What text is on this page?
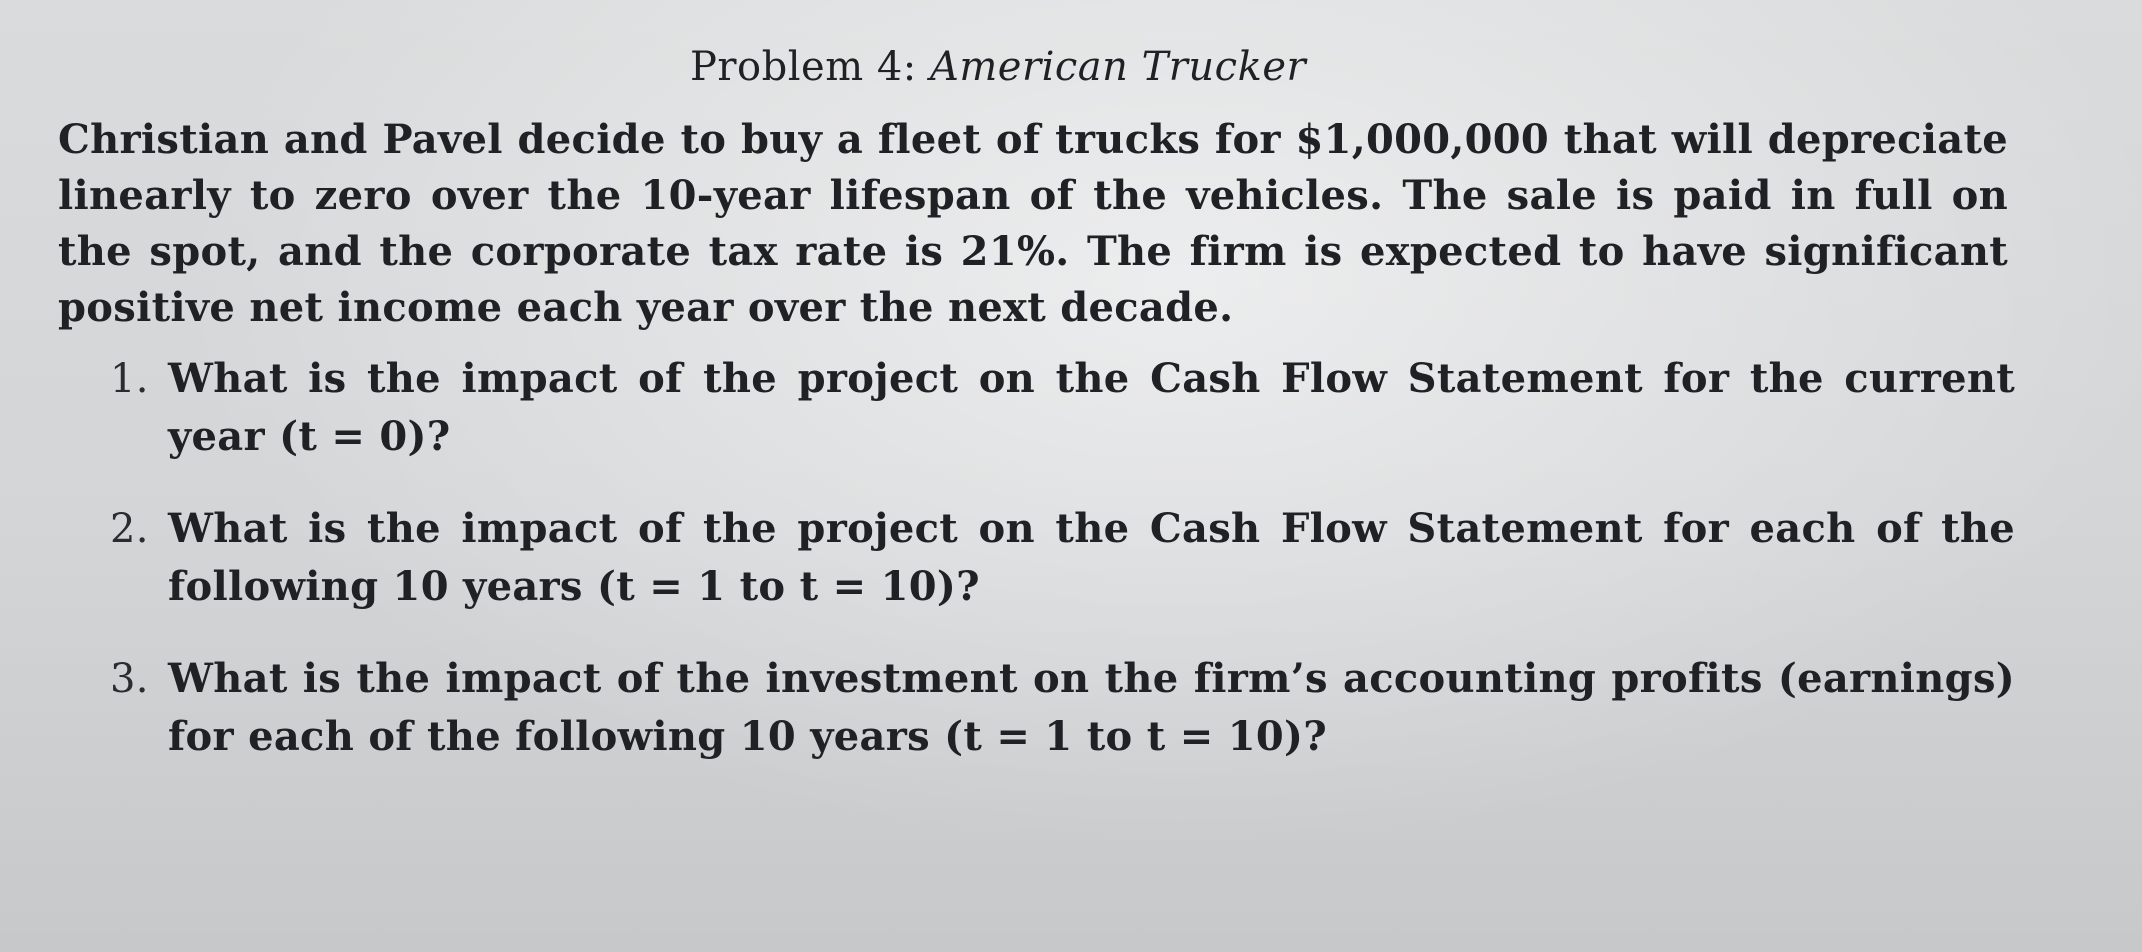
Problem 4: American Trucker
Christian and Pavel decide to buy a fleet of trucks for $1,000,000 that will depreciate linearly to zero over the 10-year lifespan of the vehicles. The sale is paid in full on the spot, and the corporate tax rate is 21%. The firm is expected to have significant positive net income each year over the next decade.
1. What is the impact of the project on the Cash Flow Statement for the current year (t = 0)?
2. What is the impact of the project on the Cash Flow Statement for each of the following 10 years (t = 1 to t = 10)?
3. What is the impact of the investment on the firm’s accounting profits (earnings) for each of the following 10 years (t = 1 to t = 10)?
